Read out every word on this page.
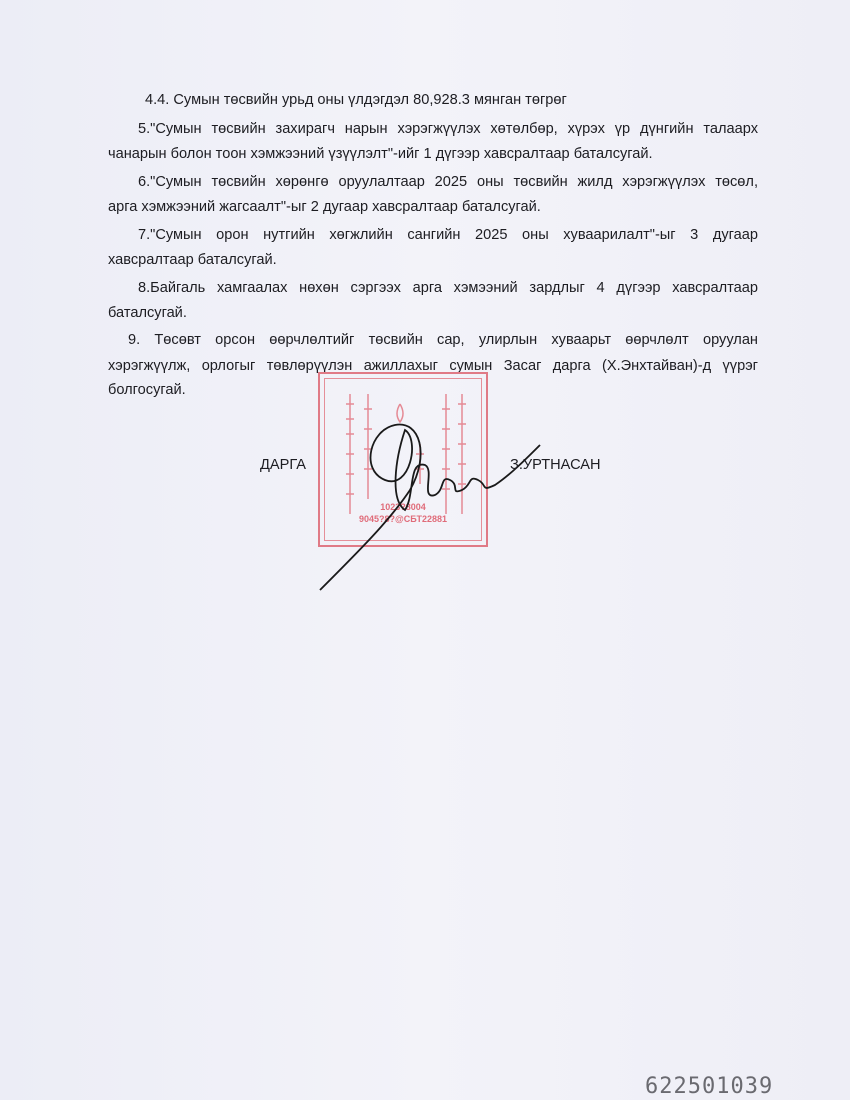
4.4. Сумын төсвийн урьд оны үлдэгдэл 80,928.3 мянган төгрөг
5."Сумын төсвийн захирагч нарын хэрэгжүүлэх хөтөлбөр, хүрэх үр дүнгийн талаарх
чанарын болон тоон хэмжээний үзүүлэлт"-ийг 1 дүгээр хавсралтаар баталсугай.
6."Сумын төсвийн хөрөнгө оруулалтаар 2025 оны төсвийн жилд хэрэгжүүлэх төсөл,
арга хэмжээний жагсаалт"-ыг 2 дугаар хавсралтаар баталсугай.
7."Сумын орон нутгийн хөгжлийн сангийн 2025 оны хуваарилалт"-ыг 3 дугаар
хавсралтаар баталсугай.
8.Байгаль хамгаалах нөхөн сэргээх арга хэмээний зардлыг 4 дүгээр хавсралтаар
баталсугай.
9. Төсөвт орсон өөрчлөлтийг төсвийн сар, улирлын хуваарьт өөрчлөлт оруулан
хэрэгжүүлж, орлогыг төвлөрүүлэн ажиллахыг сумын Засаг дарга (Х.Энхтайван)-д үүрэг
болгосугай.
1023?8004
9045?8?@СБТ22881
ДАРГА	З.УРТНАСАН
622501039
